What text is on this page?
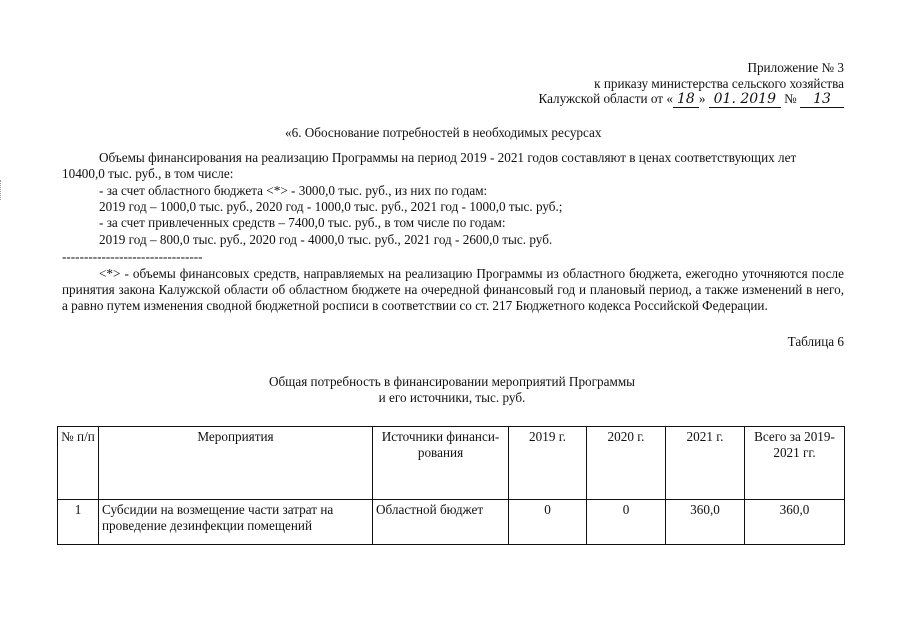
Приложение № 3
к приказу министерства сельского хозяйства
Калужской области от « 18 » 01. 2019 № 13
«6. Обоснование потребностей в необходимых ресурсах
Объемы финансирования на реализацию Программы на период 2019 - 2021 годов составляют в ценах соответствующих лет
10400,0 тыс. руб., в том числе:
- за счет областного бюджета <*> - 3000,0 тыс. руб., из них по годам:
2019 год – 1000,0 тыс. руб., 2020 год - 1000,0 тыс. руб., 2021 год - 1000,0 тыс. руб.;
- за счет привлеченных средств – 7400,0 тыс. руб., в том числе по годам:
2019 год – 800,0 тыс. руб., 2020 год - 4000,0 тыс. руб., 2021 год - 2600,0 тыс. руб.
--------------------------------
<*> - объемы финансовых средств, направляемых на реализацию Программы из областного бюджета, ежегодно уточняются после принятия закона Калужской области об областном бюджете на очередной финансовый год и плановый период, а также изменений в него, а равно путем изменения сводной бюджетной росписи в соответствии со ст. 217 Бюджетного кодекса Российской Федерации.
Таблица 6
Общая потребность в финансировании мероприятий Программы
и его источники, тыс. руб.
№ п/п	Мероприятия	Источники финанси-рования	2019 г.	2020 г.	2021 г.	Всего за 2019-2021 гг.
1	Субсидии на возмещение части затрат на проведение дезинфекции помещений	Областной бюджет	0	0	360,0	360,0
